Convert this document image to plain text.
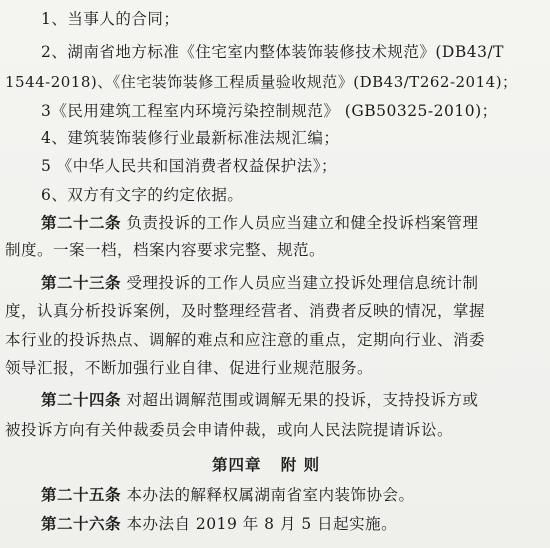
1、当事人的合同；
2、湖南省地方标准《住宅室内整体装饰装修技术规范》(DB43/T
1544-2018)、《住宅装饰装修工程质量验收规范》(DB43/T262-2014)；
3《民用建筑工程室内环境污染控制规范》 (GB50325-2010)；
4、建筑装饰装修行业最新标准法规汇编；
5 《中华人民共和国消费者权益保护法》；
6、双方有文字的约定依据。
第二十二条 负责投诉的工作人员应当建立和健全投诉档案管理
制度。一案一档，档案内容要求完整、规范。
第二十三条 受理投诉的工作人员应当建立投诉处理信息统计制
度，认真分析投诉案例，及时整理经营者、消费者反映的情况，掌握
本行业的投诉热点、调解的难点和应注意的重点，定期向行业、消委
领导汇报，不断加强行业自律、促进行业规范服务。
第二十四条 对超出调解范围或调解无果的投诉，支持投诉方或
被投诉方向有关仲裁委员会申请仲裁，或向人民法院提请诉讼。
第四章   附 则
第二十五条 本办法的解释权属湖南省室内装饰协会。
第二十六条 本办法自 2019 年 8 月 5 日起实施。
